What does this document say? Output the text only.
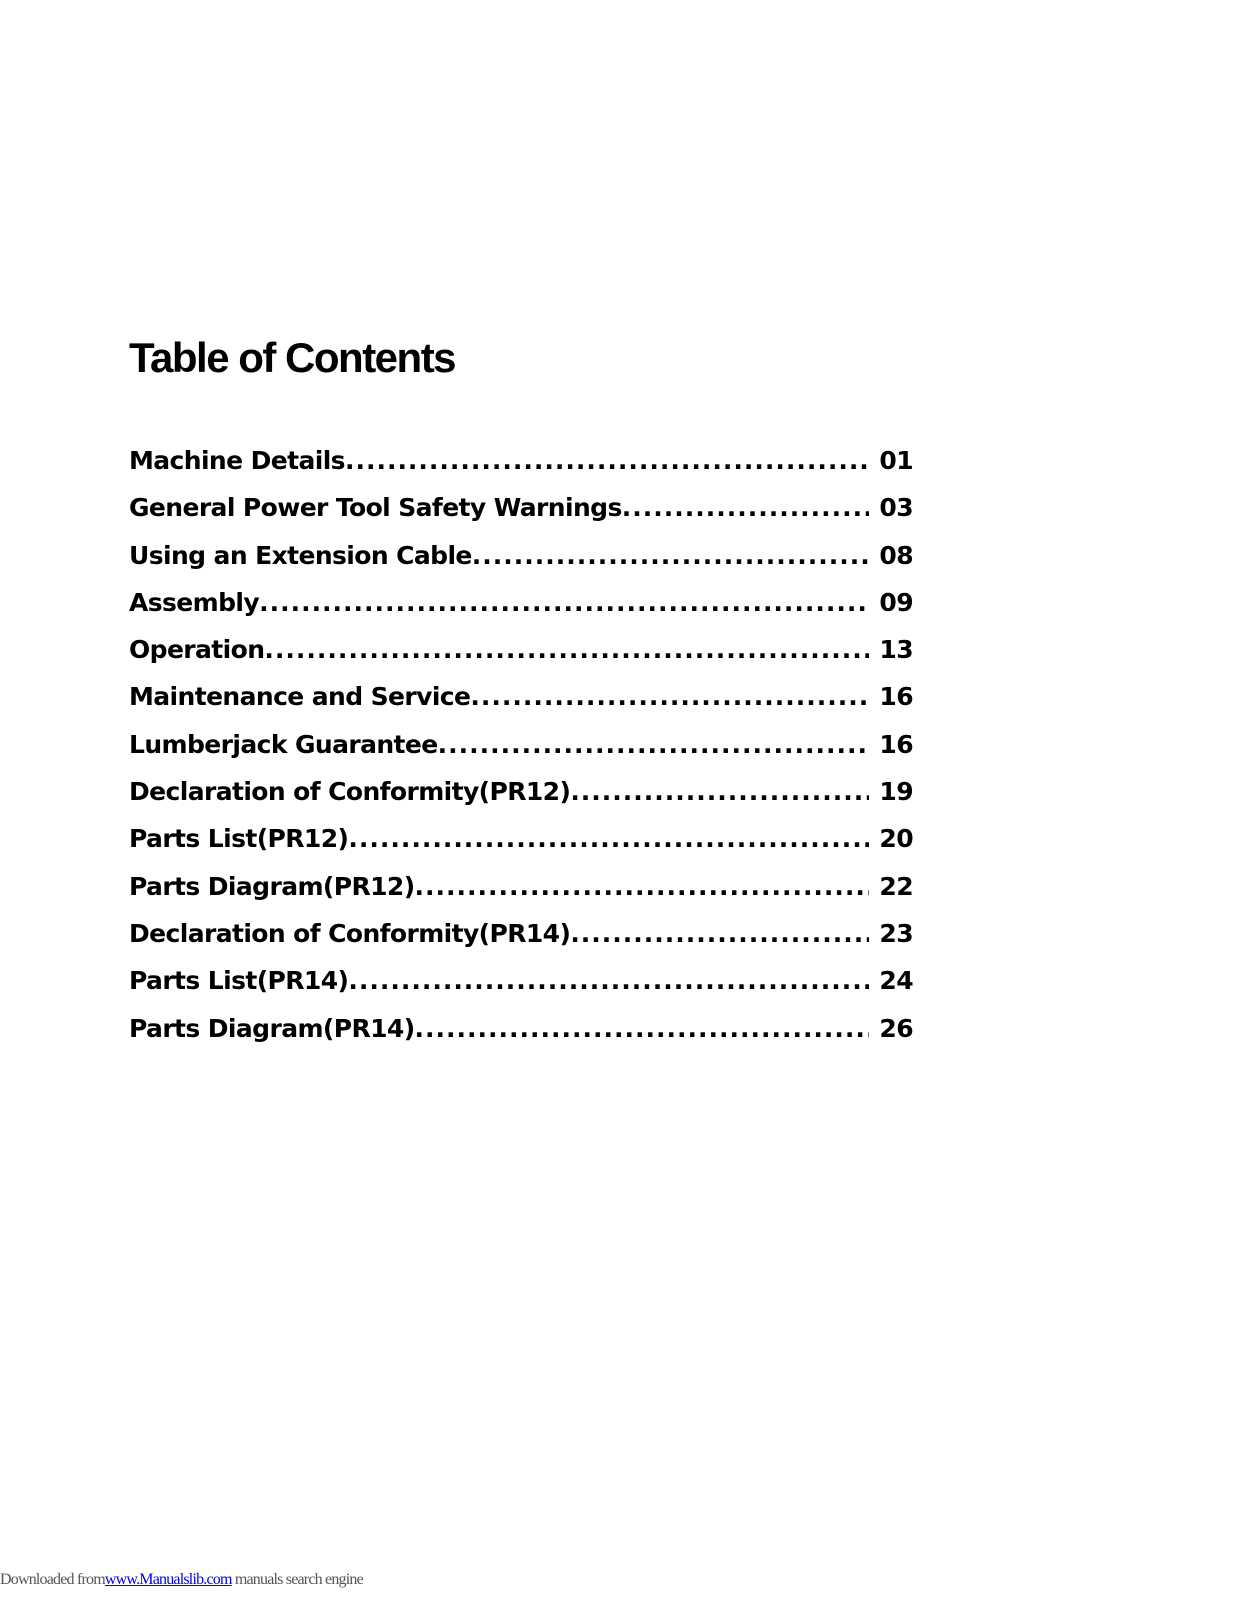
Table of Contents
Machine Details .....	01
General Power Tool Safety Warnings .....	03
Using an Extension Cable .....	08
Assembly .....	09
Operation .....	13
Maintenance and Service .....	16
Lumberjack Guarantee .....	16
Declaration of Conformity(PR12) .....	19
Parts List(PR12) .....	20
Parts Diagram(PR12) .....	22
Declaration of Conformity(PR14) .....	23
Parts List(PR14) .....	24
Parts Diagram(PR14) .....	26
Downloaded fromwww.Manualslib.com manuals search engine
